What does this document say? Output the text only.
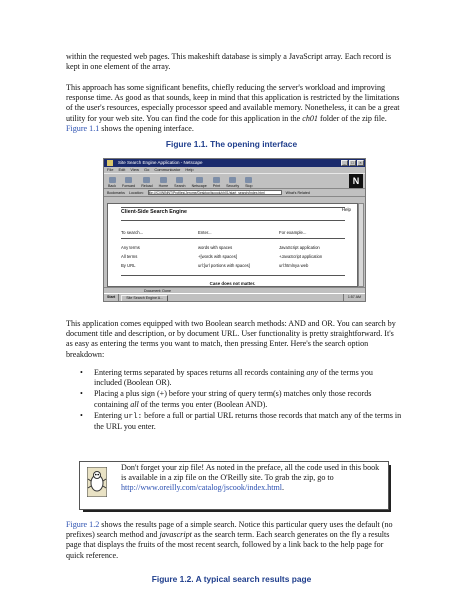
within the requested web pages. This makeshift database is simply a JavaScript array. Each record is kept in one element of the array.

This approach has some significant benefits, chiefly reducing the server's workload and improving response time. As good as that sounds, keep in mind that this application is restricted by the limitations of the user's resources, especially processor speed and available memory. Nonetheless, it can be a great utility for your web site. You can find the code for this application in the ch01 folder of the zip file. Figure 1.1 shows the opening interface.

Figure 1.1. The opening interface
Site Search Engine Application - Netscape	_	□	×
File Edit View Go Communicator Help
Back Forward Reload Home Search Netscape Print Security Stop	N
Bookmarks Location: file:///C|/WINNT/Profiles/Jerome/Desktop/jscook/ch01/start_search/index.html	What's Related
Help
Client-Side Search Engine
To search...	Enter...	For example...
Any terms	words with spaces	JavaScript application
All terms	+[words with spaces]	+JavaScript application
By URL	url:[url portions with spaces]	url:htmlnya web
Case does not matter.
Document: Done
Start	Site Search Engine A...	1:57 AM

This application comes equipped with two Boolean search methods: AND and OR. You can search by document title and description, or by document URL. User functionality is pretty straightforward. It's as easy as entering the terms you want to match, then pressing Enter. Here's the search option breakdown:

• Entering terms separated by spaces returns all records containing any of the terms you included (Boolean OR).
• Placing a plus sign (+) before your string of query term(s) matches only those records containing all of the terms you enter (Boolean AND).
• Entering url: before a full or partial URL returns those records that match any of the terms in the URL you enter.

Don't forget your zip file! As noted in the preface, all the code used in this book is available in a zip file on the O'Reilly site. To grab the zip, go to http://www.oreilly.com/catalog/jscook/index.html.

Figure 1.2 shows the results page of a simple search. Notice this particular query uses the default (no prefixes) search method and javascript as the search term. Each search generates on the fly a results page that displays the fruits of the most recent search, followed by a link back to the help page for quick reference.

Figure 1.2. A typical search results page
